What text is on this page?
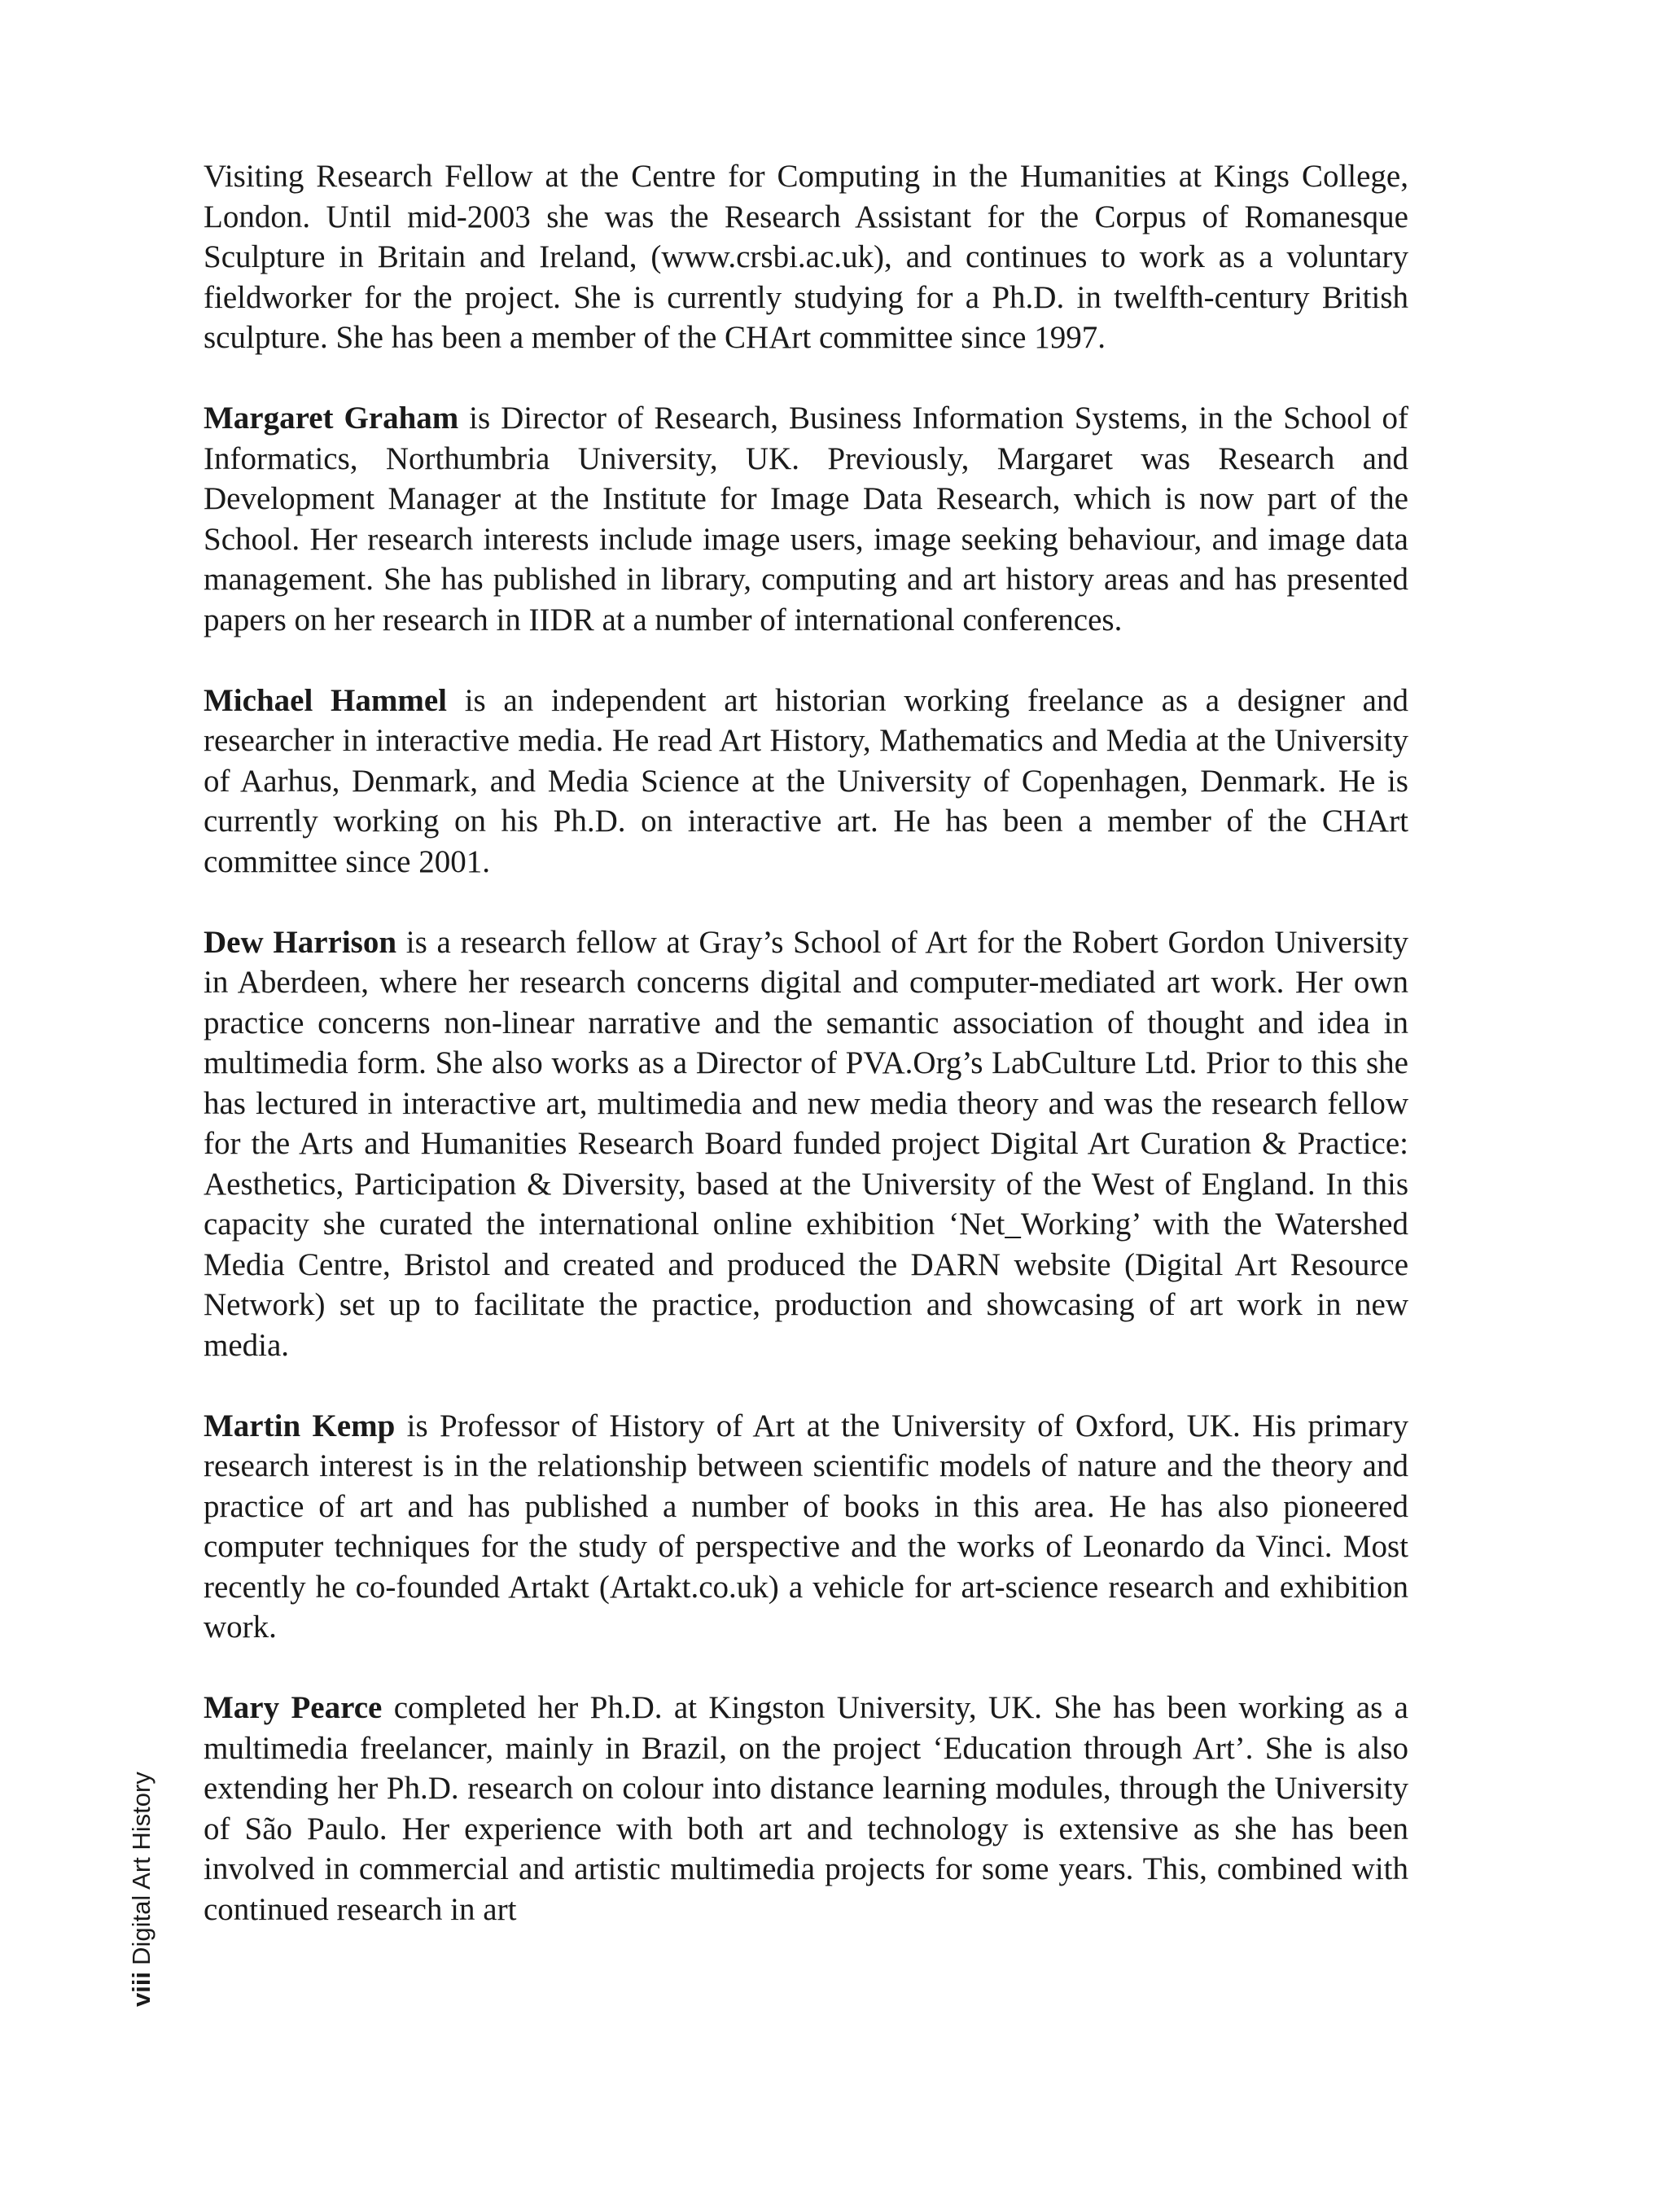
Visiting Research Fellow at the Centre for Computing in the Humanities at Kings College, London. Until mid-2003 she was the Research Assistant for the Corpus of Romanesque Sculpture in Britain and Ireland, (www.crsbi.ac.uk), and continues to work as a voluntary fieldworker for the project. She is currently studying for a Ph.D. in twelfth-century British sculpture. She has been a member of the CHArt committee since 1997.

Margaret Graham is Director of Research, Business Information Systems, in the School of Informatics, Northumbria University, UK. Previously, Margaret was Research and Development Manager at the Institute for Image Data Research, which is now part of the School. Her research interests include image users, image seeking behaviour, and image data management. She has published in library, computing and art history areas and has presented papers on her research in IIDR at a number of international conferences.

Michael Hammel is an independent art historian working freelance as a designer and researcher in interactive media. He read Art History, Mathematics and Media at the University of Aarhus, Denmark, and Media Science at the University of Copenhagen, Denmark. He is currently working on his Ph.D. on interactive art. He has been a member of the CHArt committee since 2001.

Dew Harrison is a research fellow at Gray’s School of Art for the Robert Gordon University in Aberdeen, where her research concerns digital and computer-mediated art work. Her own practice concerns non-linear narrative and the semantic association of thought and idea in multimedia form. She also works as a Director of PVA.Org’s LabCulture Ltd. Prior to this she has lectured in interactive art, multimedia and new media theory and was the research fellow for the Arts and Humanities Research Board funded project Digital Art Curation & Practice: Aesthetics, Participation & Diversity, based at the University of the West of England. In this capacity she curated the international online exhibition ‘Net_Working’ with the Watershed Media Centre, Bristol and created and produced the DARN website (Digital Art Resource Network) set up to facilitate the practice, production and showcasing of art work in new media.

Martin Kemp is Professor of History of Art at the University of Oxford, UK. His primary research interest is in the relationship between scientific models of nature and the theory and practice of art and has published a number of books in this area. He has also pioneered computer techniques for the study of perspective and the works of Leonardo da Vinci. Most recently he co-founded Artakt (Artakt.co.uk) a vehicle for art-science research and exhibition work.

Mary Pearce completed her Ph.D. at Kingston University, UK. She has been working as a multimedia freelancer, mainly in Brazil, on the project ‘Education through Art’. She is also extending her Ph.D. research on colour into distance learning modules, through the University of São Paulo. Her experience with both art and technology is extensive as she has been involved in commercial and artistic multimedia projects for some years. This, combined with continued research in art

viiiDigital Art History
